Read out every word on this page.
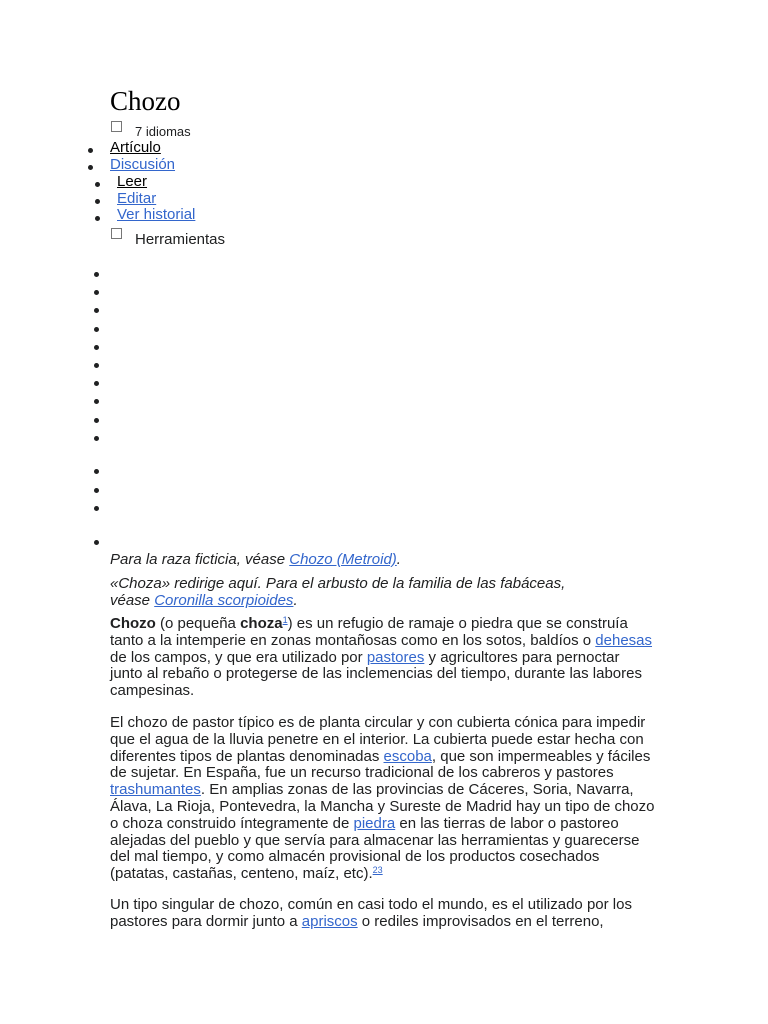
Chozo
7 idiomas
Artículo
Discusión
Leer
Editar
Ver historial
Herramientas
Para la raza ficticia, véase Chozo (Metroid).
«Choza» redirige aquí. Para el arbusto de la familia de las fabáceas,
véase Coronilla scorpioides.

Chozo (o pequeña choza$^1$) es un refugio de ramaje o piedra que se construía tanto a la intemperie en zonas montañosas como en los sotos, baldíos o dehesas de los campos, y que era utilizado por pastores y agricultores para pernoctar junto al rebaño o protegerse de las inclemencias del tiempo, durante las labores campesinas.

El chozo de pastor típico es de planta circular y con cubierta cónica para impedir que el agua de la lluvia penetre en el interior. La cubierta puede estar hecha con diferentes tipos de plantas denominadas escoba, que son impermeables y fáciles de sujetar. En España, fue un recurso tradicional de los cabreros y pastores trashumantes. En amplias zonas de las provincias de Cáceres, Soria, Navarra, Álava, La Rioja, Pontevedra, la Mancha y Sureste de Madrid hay un tipo de chozo o choza construido íntegramente de piedra en las tierras de labor o pastoreo alejadas del pueblo y que servía para almacenar las herramientas y guarecerse del mal tiempo, y como almacén provisional de los productos cosechados (patatas, castañas, centeno, maíz, etc).$^{23}$

Un tipo singular de chozo, común en casi todo el mundo, es el utilizado por los pastores para dormir junto a apriscos o rediles improvisados en el terreno,
